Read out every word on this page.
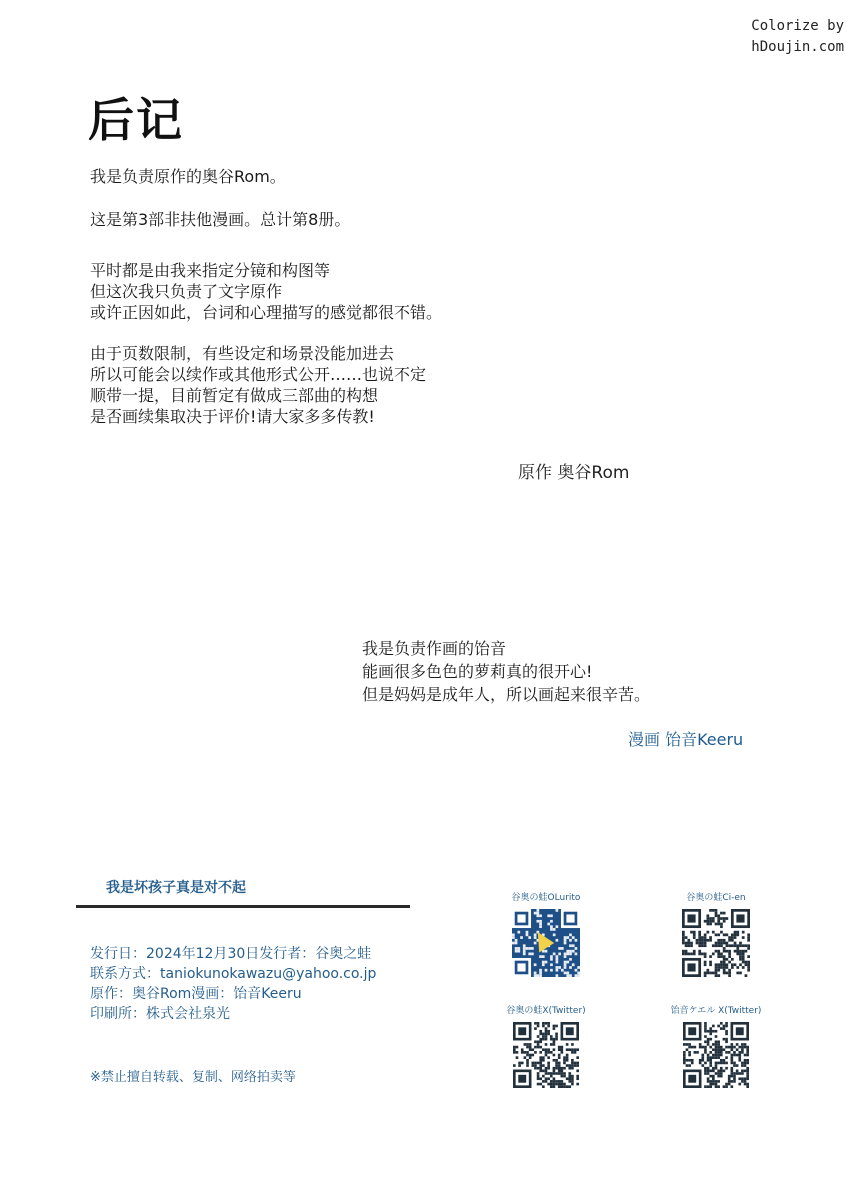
Colorize by
hDoujin.com
后记
我是负责原作的奥谷Rom。
这是第3部非扶他漫画。总计第8册。
平时都是由我来指定分镜和构图等
但这次我只负责了文字原作
或许正因如此，台词和心理描写的感觉都很不错。
由于页数限制，有些设定和场景没能加进去
所以可能会以续作或其他形式公开……也说不定
顺带一提，目前暂定有做成三部曲的构想
是否画续集取决于评价!请大家多多传教!
原作 奥谷Rom
我是负责作画的饴音
能画很多色色的萝莉真的很开心!
但是妈妈是成年人，所以画起来很辛苦。
漫画 饴音Keeru
我是坏孩子真是对不起
发行日：2024年12月30日发行者：谷奥之蛙
联系方式：taniokunokawazu@yahoo.co.jp
原作：奥谷Rom漫画：饴音Keeru
印刷所：株式会社泉光
※禁止擅自转载、复制、网络拍卖等
谷奥の蛙OLurito	谷奥の蛙Ci-en
谷奥の蛙X(Twitter)	饴音ケエル X(Twitter)
